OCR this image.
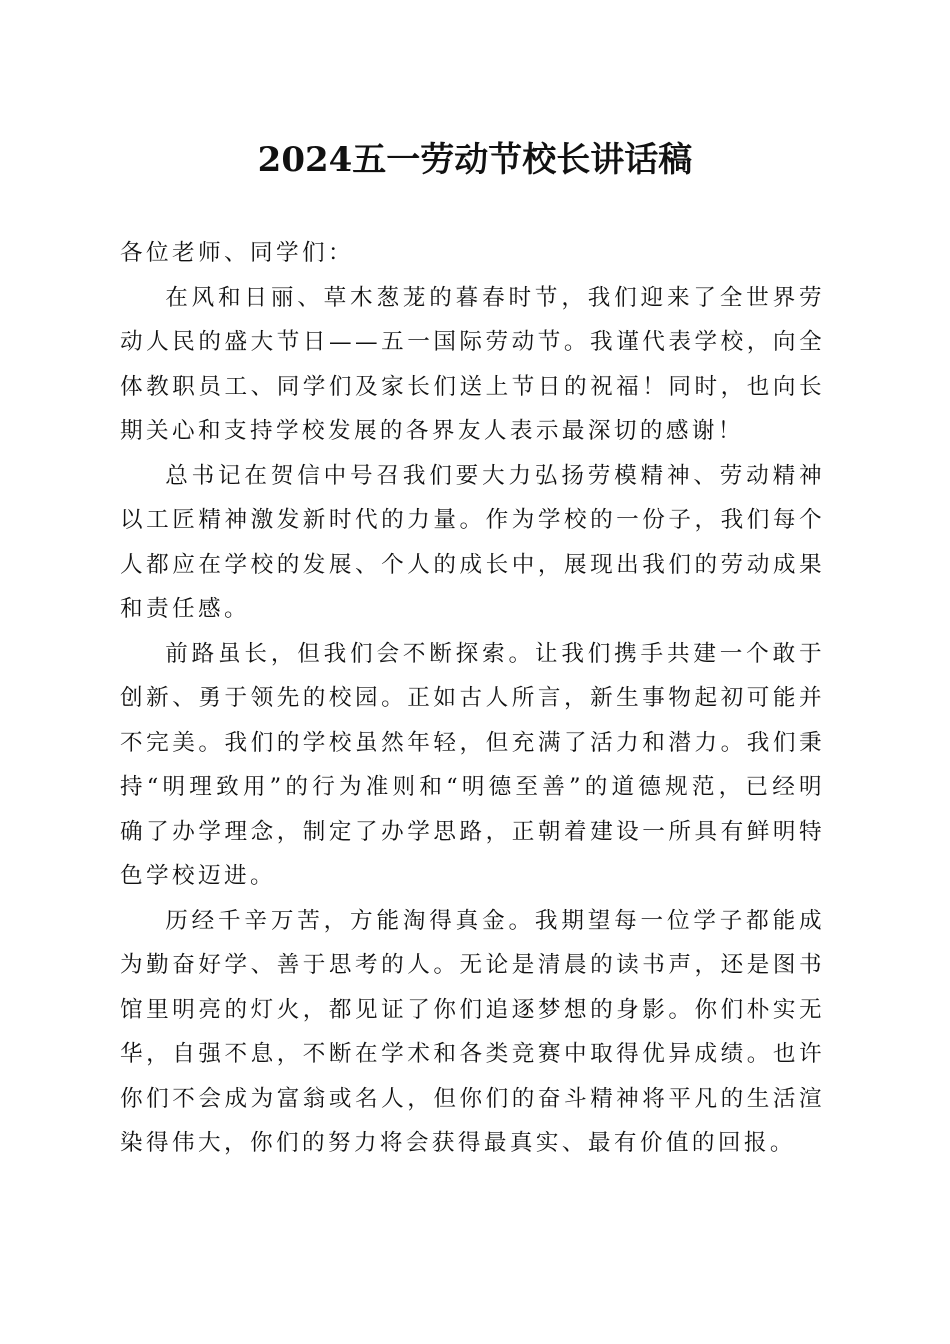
2024五一劳动节校长讲话稿

各位老师、同学们：

在风和日丽、草木葱茏的暮春时节，我们迎来了全世界劳动人民的盛大节日——五一国际劳动节。我谨代表学校，向全体教职员工、同学们及家长们送上节日的祝福！同时，也向长期关心和支持学校发展的各界友人表示最深切的感谢！

总书记在贺信中号召我们要大力弘扬劳模精神、劳动精神以工匠精神激发新时代的力量。作为学校的一份子，我们每个人都应在学校的发展、个人的成长中，展现出我们的劳动成果和责任感。

前路虽长，但我们会不断探索。让我们携手共建一个敢于创新、勇于领先的校园。正如古人所言，新生事物起初可能并不完美。我们的学校虽然年轻，但充满了活力和潜力。我们秉持“明理致用”的行为准则和“明德至善”的道德规范，已经明确了办学理念，制定了办学思路，正朝着建设一所具有鲜明特色学校迈进。

历经千辛万苦，方能淘得真金。我期望每一位学子都能成为勤奋好学、善于思考的人。无论是清晨的读书声，还是图书馆里明亮的灯火，都见证了你们追逐梦想的身影。你们朴实无华，自强不息，不断在学术和各类竞赛中取得优异成绩。也许你们不会成为富翁或名人，但你们的奋斗精神将平凡的生活渲染得伟大，你们的努力将会获得最真实、最有价值的回报。
